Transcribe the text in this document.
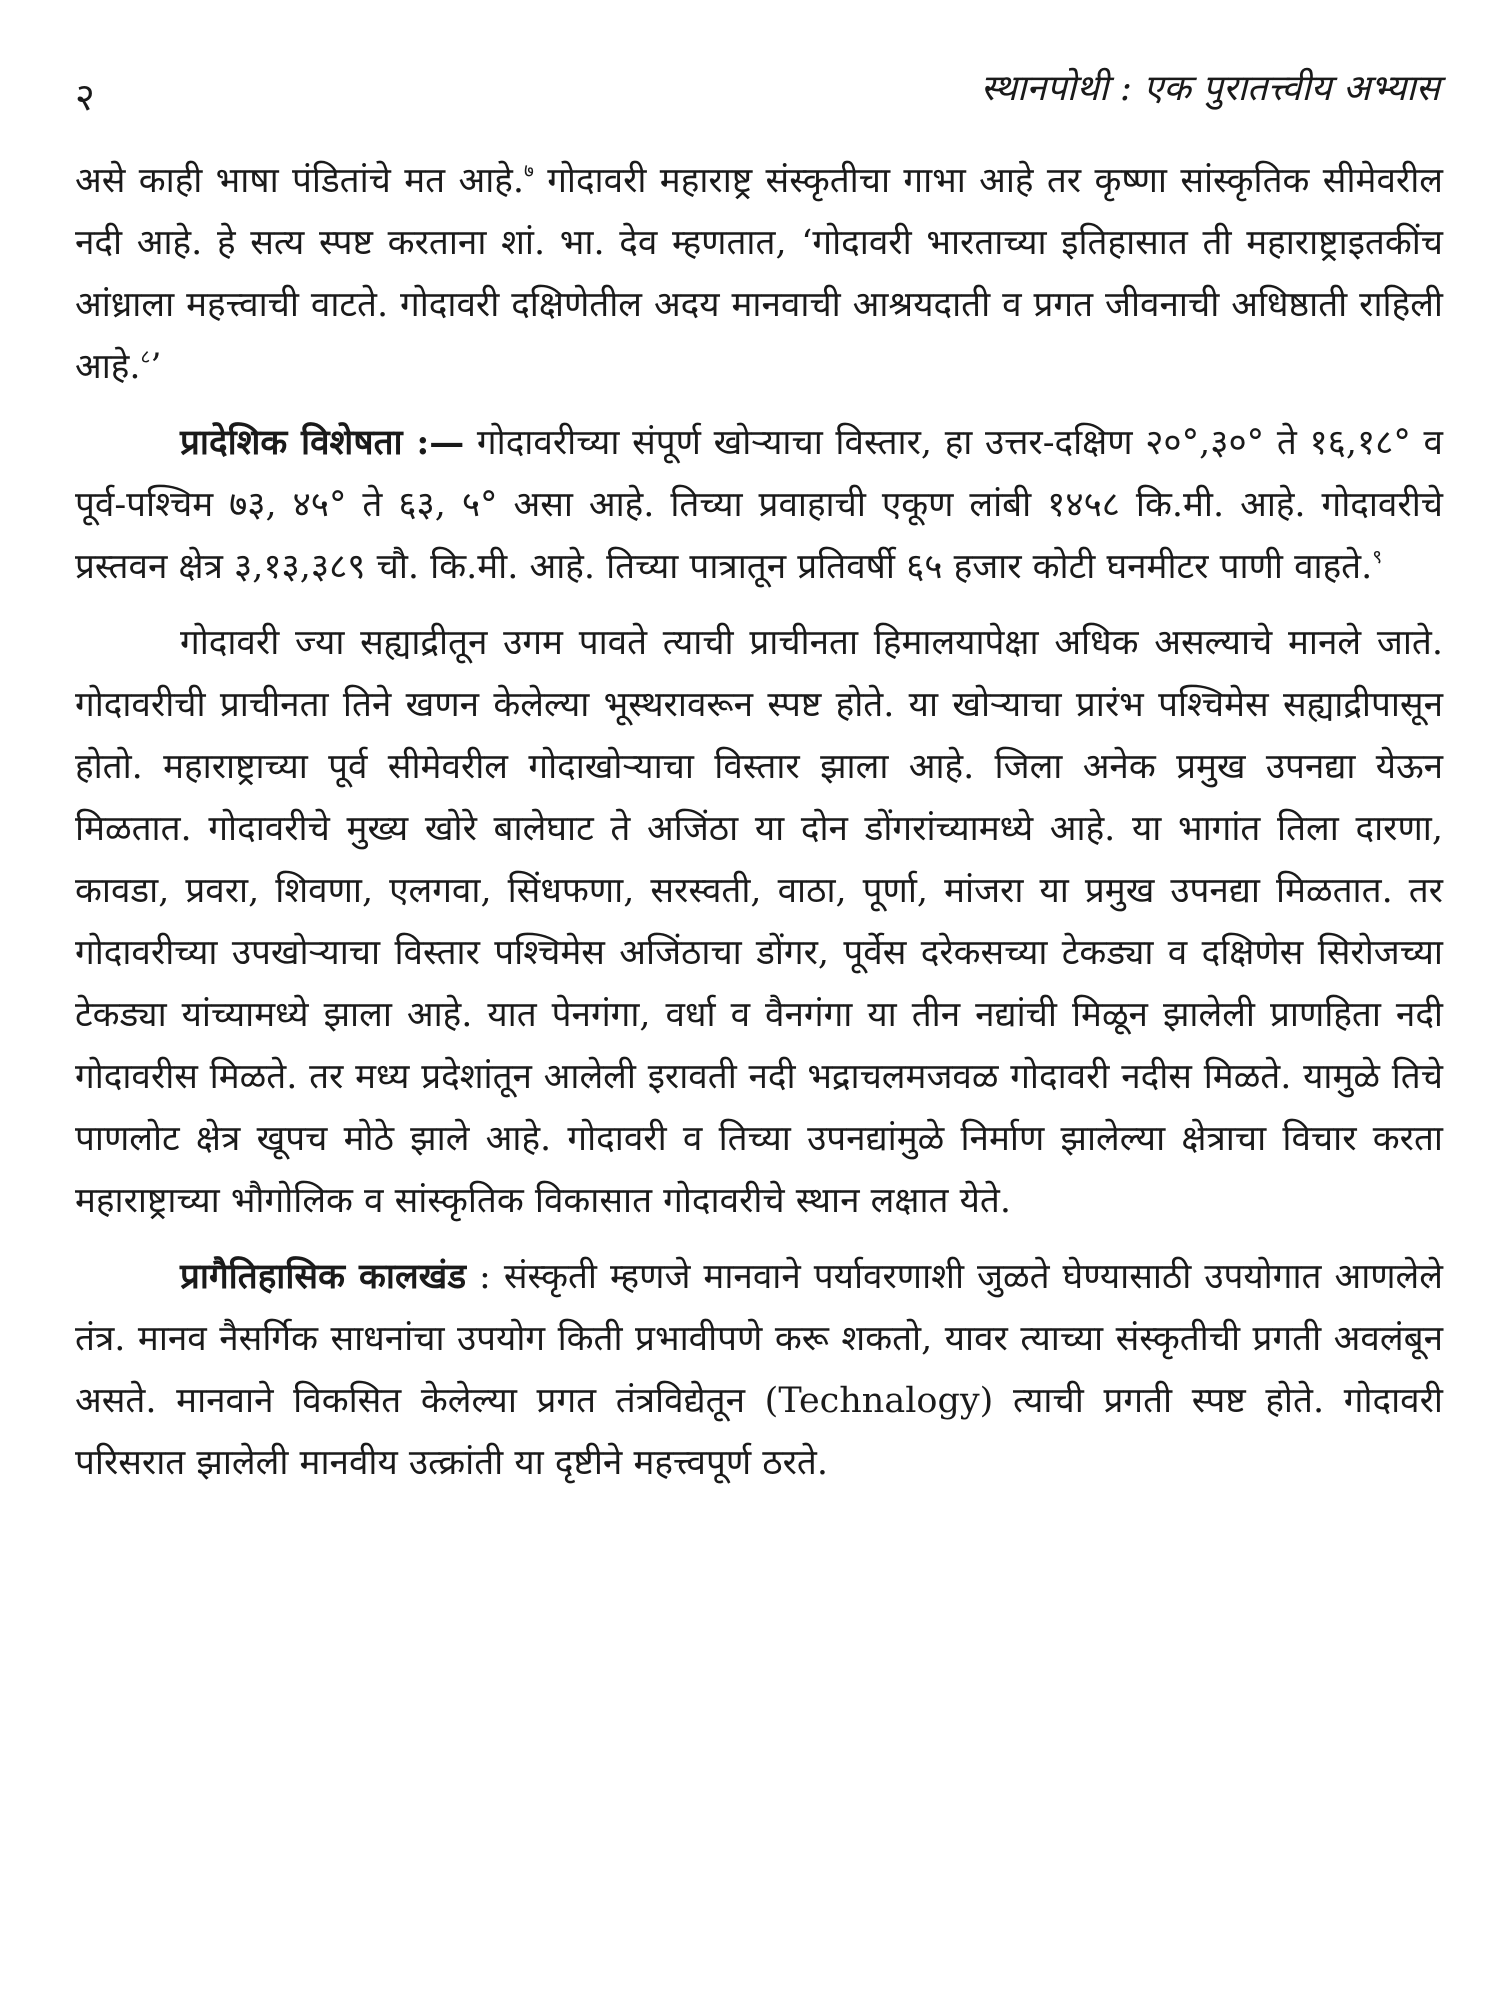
२	स्थानपोथी : एक पुरातत्त्वीय अभ्यास

असे काही भाषा पंडितांचे मत आहे.$^७$ गोदावरी महाराष्ट्र संस्कृतीचा गाभा आहे तर कृष्णा सांस्कृतिक सीमेवरील नदी आहे. हे सत्य स्पष्ट करताना शां. भा. देव म्हणतात, ‘गोदावरी भारताच्या इतिहासात ती महाराष्ट्राइतकींच आंध्राला महत्त्वाची वाटते. गोदावरी दक्षिणेतील अदय मानवाची आश्रयदाती व प्रगत जीवनाची अधिष्ठाती राहिली आहे.$^८$’

प्रादेशिक विशेषता :— गोदावरीच्या संपूर्ण खोऱ्याचा विस्तार, हा उत्तर-दक्षिण २०°,३०° ते १६,१८° व पूर्व-पश्चिम ७३, ४५° ते ६३, ५° असा आहे. तिच्या प्रवाहाची एकूण लांबी १४५८ कि.मी. आहे. गोदावरीचे प्रस्तवन क्षेत्र ३,१३,३८९ चौ. कि.मी. आहे. तिच्या पात्रातून प्रतिवर्षी ६५ हजार कोटी घनमीटर पाणी वाहते.$^९$

गोदावरी ज्या सह्याद्रीतून उगम पावते त्याची प्राचीनता हिमालयापेक्षा अधिक असल्याचे मानले जाते. गोदावरीची प्राचीनता तिने खणन केलेल्या भूस्थरावरून स्पष्ट होते. या खोऱ्याचा प्रारंभ पश्चिमेस सह्याद्रीपासून होतो. महाराष्ट्राच्या पूर्व सीमेवरील गोदाखोऱ्याचा विस्तार झाला आहे. जिला अनेक प्रमुख उपनद्या येऊन मिळतात. गोदावरीचे मुख्य खोरे बालेघाट ते अजिंठा या दोन डोंगरांच्यामध्ये आहे. या भागांत तिला दारणा, कावडा, प्रवरा, शिवणा, एलगवा, सिंधफणा, सरस्वती, वाठा, पूर्णा, मांजरा या प्रमुख उपनद्या मिळतात. तर गोदावरीच्या उपखोऱ्याचा विस्तार पश्चिमेस अजिंठाचा डोंगर, पूर्वेस दरेकसच्या टेकड्या व दक्षिणेस सिरोजच्या टेकड्या यांच्यामध्ये झाला आहे. यात पेनगंगा, वर्धा व वैनगंगा या तीन नद्यांची मिळून झालेली प्राणहिता नदी गोदावरीस मिळते. तर मध्य प्रदेशांतून आलेली इरावती नदी भद्राचलमजवळ गोदावरी नदीस मिळते. यामुळे तिचे पाणलोट क्षेत्र खूपच मोठे झाले आहे. गोदावरी व तिच्या उपनद्यांमुळे निर्माण झालेल्या क्षेत्राचा विचार करता महाराष्ट्राच्या भौगोलिक व सांस्कृतिक विकासात गोदावरीचे स्थान लक्षात येते.

प्रागैतिहासिक कालखंड : संस्कृती म्हणजे मानवाने पर्यावरणाशी जुळते घेण्यासाठी उपयोगात आणलेले तंत्र. मानव नैसर्गिक साधनांचा उपयोग किती प्रभावीपणे करू शकतो, यावर त्याच्या संस्कृतीची प्रगती अवलंबून असते. मानवाने विकसित केलेल्या प्रगत तंत्रविद्येतून (Technalogy) त्याची प्रगती स्पष्ट होते. गोदावरी परिसरात झालेली मानवीय उत्क्रांती या दृष्टीने महत्त्वपूर्ण ठरते.
